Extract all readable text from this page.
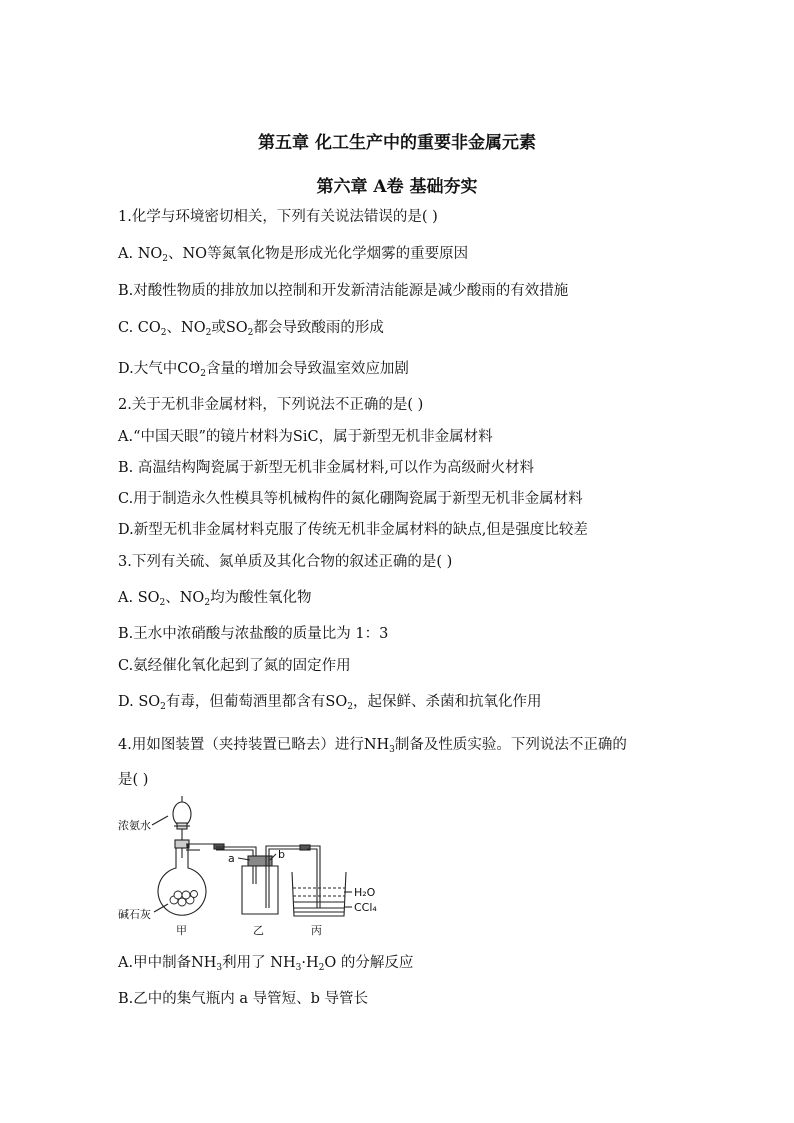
第五章 化工生产中的重要非金属元素
第六章 A卷 基础夯实
1.化学与环境密切相关，下列有关说法错误的是( )
A. $NO_2$、NO等氮氧化物是形成光化学烟雾的重要原因
B.对酸性物质的排放加以控制和开发新清洁能源是减少酸雨的有效措施
C. $CO_2$、$NO_2$或$SO_2$都会导致酸雨的形成
D.大气中$CO_2$含量的增加会导致温室效应加剧
2.关于无机非金属材料，下列说法不正确的是( )
A.“中国天眼”的镜片材料为SiC，属于新型无机非金属材料
B. 高温结构陶瓷属于新型无机非金属材料,可以作为高级耐火材料
C.用于制造永久性模具等机械构件的氮化硼陶瓷属于新型无机非金属材料
D.新型无机非金属材料克服了传统无机非金属材料的缺点,但是强度比较差
3.下列有关硫、氮单质及其化合物的叙述正确的是( )
A. $SO_2$、$NO_2$均为酸性氧化物
B.王水中浓硝酸与浓盐酸的质量比为 1：3
C.氨经催化氧化起到了氮的固定作用
D. $SO_2$有毒，但葡萄酒里都含有$SO_2$，起保鲜、杀菌和抗氧化作用
4.用如图装置（夹持装置已略去）进行$NH_3$制备及性质实验。下列说法不正确的
是( )
浓氨水
碱石灰
甲	乙	丙
a	b
H₂O
CCl₄
A.甲中制备$NH_3$利用了 $NH_3\cdot H_2O$ 的分解反应
B.乙中的集气瓶内 a 导管短、b 导管长
